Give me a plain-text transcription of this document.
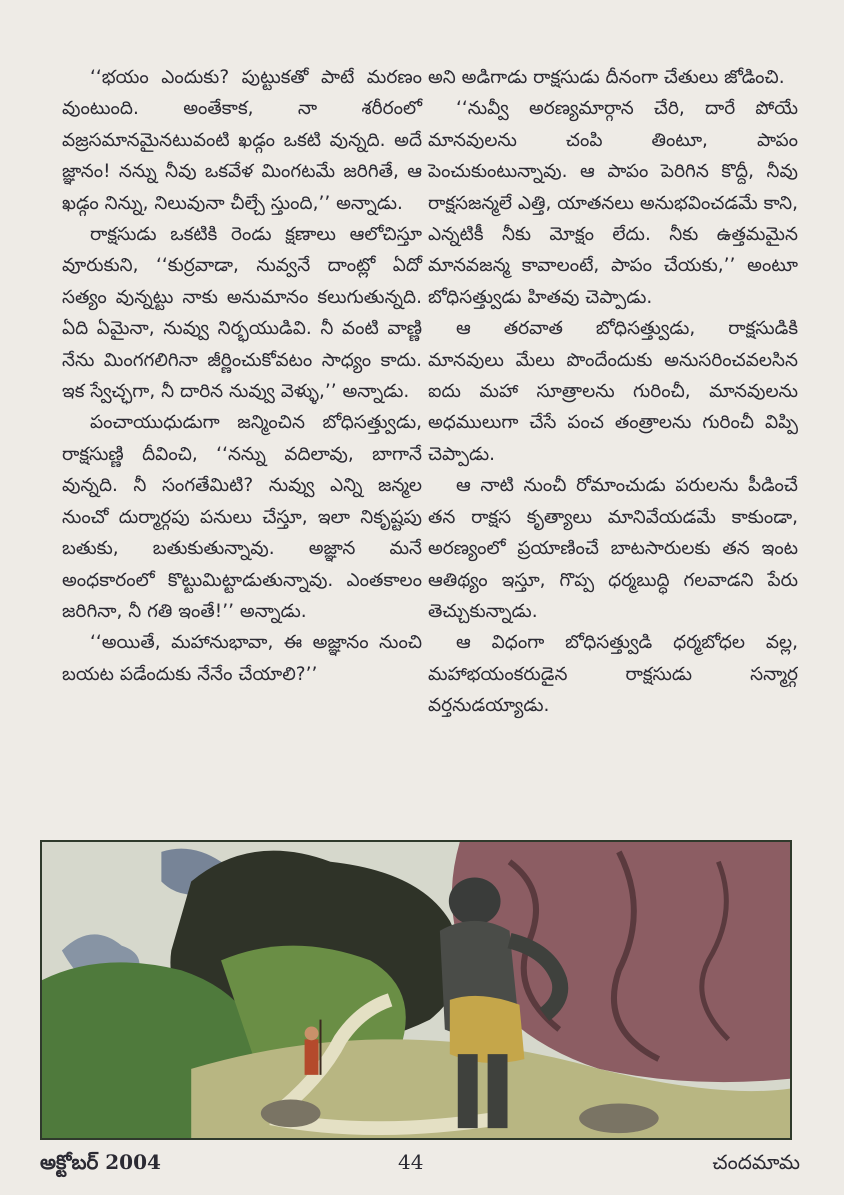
‘‘భయం ఎందుకు? పుట్టుకతో పాటే మరణం వుంటుంది. అంతేకాక, నా శరీరంలో వజ్రసమానమైనటువంటి ఖడ్గం ఒకటి వున్నది. అదే జ్ఞానం! నన్ను నీవు ఒకవేళ మింగటమే జరిగితే, ఆ ఖడ్గం నిన్ను, నిలువునా చీల్చే స్తుంది,’’ అన్నాడు.

రాక్షసుడు ఒకటికి రెండు క్షణాలు ఆలోచిస్తూ వూరుకుని, ‘‘కుర్రవాడా, నువ్వనే దాంట్లో ఏదో సత్యం వున్నట్టు నాకు అనుమానం కలుగుతున్నది. ఏది ఏమైనా, నువ్వు నిర్భయుడివి. నీ వంటి వాణ్ణి నేను మింగగలిగినా జీర్ణించుకోవటం సాధ్యం కాదు. ఇక స్వేచ్ఛగా, నీ దారిన నువ్వు వెళ్ళు,’’ అన్నాడు.

పంచాయుధుడుగా జన్మించిన బోధిసత్త్వుడు, రాక్షసుణ్ణి దీవించి, ‘‘నన్ను వదిలావు, బాగానే వున్నది. నీ సంగతేమిటి? నువ్వు ఎన్ని జన్మల నుంచో దుర్మార్గపు పనులు చేస్తూ, ఇలా నికృష్టపు బతుకు, బతుకుతున్నావు. అజ్ఞాన మనే అంధకారంలో కొట్టుమిట్టాడుతున్నావు. ఎంతకాలం జరిగినా, నీ గతి ఇంతే!’’ అన్నాడు.

‘‘అయితే, మహానుభావా, ఈ అజ్ఞానం నుంచి బయట పడేందుకు నేనేం చేయాలి?’’

అని అడిగాడు రాక్షసుడు దీనంగా చేతులు జోడించి.

‘‘నువ్వీ అరణ్యమార్గాన చేరి, దారే పోయే మానవులను చంపి తింటూ, పాపం పెంచుకుంటున్నావు. ఆ పాపం పెరిగిన కొద్దీ, నీవు రాక్షసజన్మలే ఎత్తి, యాతనలు అనుభవించడమే కాని, ఎన్నటికీ నీకు మోక్షం లేదు. నీకు ఉత్తమమైన మానవజన్మ కావాలంటే, పాపం చేయకు,’’ అంటూ బోధిసత్త్వుడు హితవు చెప్పాడు.

ఆ తరవాత బోధిసత్త్వుడు, రాక్షసుడికి మానవులు మేలు పొందేందుకు అనుసరించవలసిన ఐదు మహా సూత్రాలను గురించీ, మానవులను అధములుగా చేసే పంచ తంత్రాలను గురించీ విప్పి చెప్పాడు.

ఆ నాటి నుంచీ రోమాంచుడు పరులను పీడించే తన రాక్షస కృత్యాలు మానివేయడమే కాకుండా, అరణ్యంలో ప్రయాణించే బాటసారులకు తన ఇంట ఆతిథ్యం ఇస్తూ, గొప్ప ధర్మబుద్ధి గలవాడని పేరు తెచ్చుకున్నాడు.

ఆ విధంగా బోధిసత్త్వుడి ధర్మబోధల వల్ల, మహాభయంకరుడైన రాక్షసుడు సన్మార్గ వర్తనుడయ్యాడు.

అక్టోబర్ 2004	44	చందమామ
